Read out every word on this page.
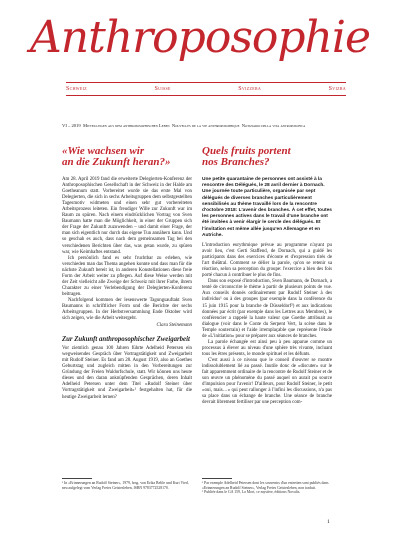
Anthroposophie
Schweiz	Suisse	Svizzera	Svizra
VI – 2019 Mitteilungen aus dem anthroposophischen Leben Nouvelles de la vie anthroposophique Notiziario della vita antroposofica
«Wie wachsen wir
an die Zukunft heran?»

Am 28. April 2019 fand die erweiterte Delegierten-Konferenz der Anthroposophischen Gesellschaft in der Schweiz in der Halde am Goetheanum statt. Vorbereitet wurde sie das erste Mal von Delegierten, die sich in sechs Arbeitsgruppen dem selbstgestellten Tagesmotiv widmeten und einen sehr gut vorbereiteten Arbeitsprozess leiteten. Ein freudiger Wille zur Zukunft war im Raum zu spüren. Nach einem eindrücklichen Vortrag von Sven Baumann hatte man die Möglichkeit, in einer der Gruppen sich der Frage der Zukunft zuzuwenden – und damit einer Frage, der man sich eigentlich nur durch das eigene Tun annähern kann. Und so geschah es auch, dass nach dem gemeinsamen Tag bei den verschiedenen Berichten über das, was getan wurde, zu spüren war, wie Keimhaftes entstand.

Ich persönlich fand es sehr fruchtbar zu erleben, wie verschieden man das Thema angehen konnte und dass man für die nächste Zukunft bereit ist, in anderen Konstellationen diese freie Form der Arbeit weiter zu pflegen. Auf diese Weise werden mit der Zeit vielleicht alle Zweige der Schweiz mit ihrer Farbe, ihrem Charakter zu einer Verlebendigung der Delegierten-Konferenz beitragen.

Nachfolgend kommen der lesenswerte Tagungsauftakt Sven Baumanns in schriftlicher Form und die Berichte der sechs Arbeitsgruppen. In der Herbstversammlung Ende Oktober wird sich zeigen, wie die Arbeit weitergeht.

Clara Steinemann
Zur Zukunft anthroposophischer Zweigarbeit

Vor ziemlich genau 100 Jahren führte Adelheid Petersen ein wegweisendes Gespräch über Vortragstätigkeit und Zweigarbeit mit Rudolf Steiner. Es fand am 28. August 1919, also an Goethes Geburtstag und zugleich mitten in den Vorbereitungen zur Gründung der Freien Waldorfschule, statt. Wir können uns heute dieses und den daran anknüpfenden Gesprächen, deren Inhalt Adelheid Petersen unter dem Titel «Rudolf Steiner über Vortragstätigkeit und Zweigarbeit»¹ festgehalten hat, für die heutige Zweigarbeit lernen?

Quels fruits portent
nos Branches?

Une petite quarantaine de personnes ont assisté à la rencontre des Délégués, le 28 avril dernier à Dornach. Une journée toute particulière, organisée par sept délégués de diverses branches particulièrement sensibilisés au thème travaillé lors de la rencontre d'octobre 2018: L'avenir des branches. À cet effet, toutes les personnes actives dans le travail d'une branche ont été invitées à venir élargir le cercle des délégués. Et l'invitation est même allée jusqu'en Allemagne et en Autriche.

L'introduction eurythmique prévue au programme n'ayant pu avoir lieu, c'est Gerti Staffend, de Dornach, qui a guidé les participants dans des exercices d'écoute et d'expression tirés de l'art théâtral. Comment se délier la parole, qu'on se retenir sa réaction, selon sa perception du groupe: l'exercice a bien des fois porté chacun à contribuer le plus de fins.

Dans son exposé d'introduction, Sven Baumann, de Dornach, a tenté de circonscrire le thème à partir de plusieurs points de vue. Aux conseils donnés ordinairement par Rudolf Steiner à des individus¹ ou à des groupes (par exemple dans la conférence du 15 juin 1915 pour la branche de Düsseldorf²) et aux indications données par écrit (par exemple dans les Lettres aux Membres), le conférencier a rappelé la haute valeur que Goethe attribuait au dialogue (voir dans le Conte du Serpent Vert, la scène dans le Temple souterrain) et l'aide irremplaçable que représente l'étude de «L'initiation» pour se préparer aux séances de branches.

La parole échangée est ainsi peu à peu apparue comme un processus à élever au niveau d'une sphère très vivante, incluant tous les êtres présents, le monde spirituel et les défunts.

C'est aussi à ce niveau que le conseil d'œuvrer se montre indissolublement lié au passé. Inutile donc de «discuter» sur le fait apparemment ordinaire de la rencontre de Rudolf Steiner et de son œuvre un phénomène du passé auquel on aurait pu source d'impulsion pour l'avenir! D'ailleurs, pour Rudolf Steiner, le petit «oui, mais…» qui peut rallonger à l'infini les discussions, n'a pas sa place dans un échange de branche. Une séance de branche devrait librement fertiliser par une perception com-

¹ In «Erinnerungen an Rudolf Steiner», 1979, hrsg. von Erika Beltle und Kurt Vierl, neu aufgelegt vom Verlag Freies Geistesleben, ISBN 9783772528170.
¹ Par exemple Adelheid Petersen dont les souvenirs d'un entretien sont publiés dans «Erinnerungen an Rudolf Steiner», Verlag Freies Geistesleben, non traduit.
² Publiée dans le GA 159, La Mort, ce mystère, éditions Novalis.
1
